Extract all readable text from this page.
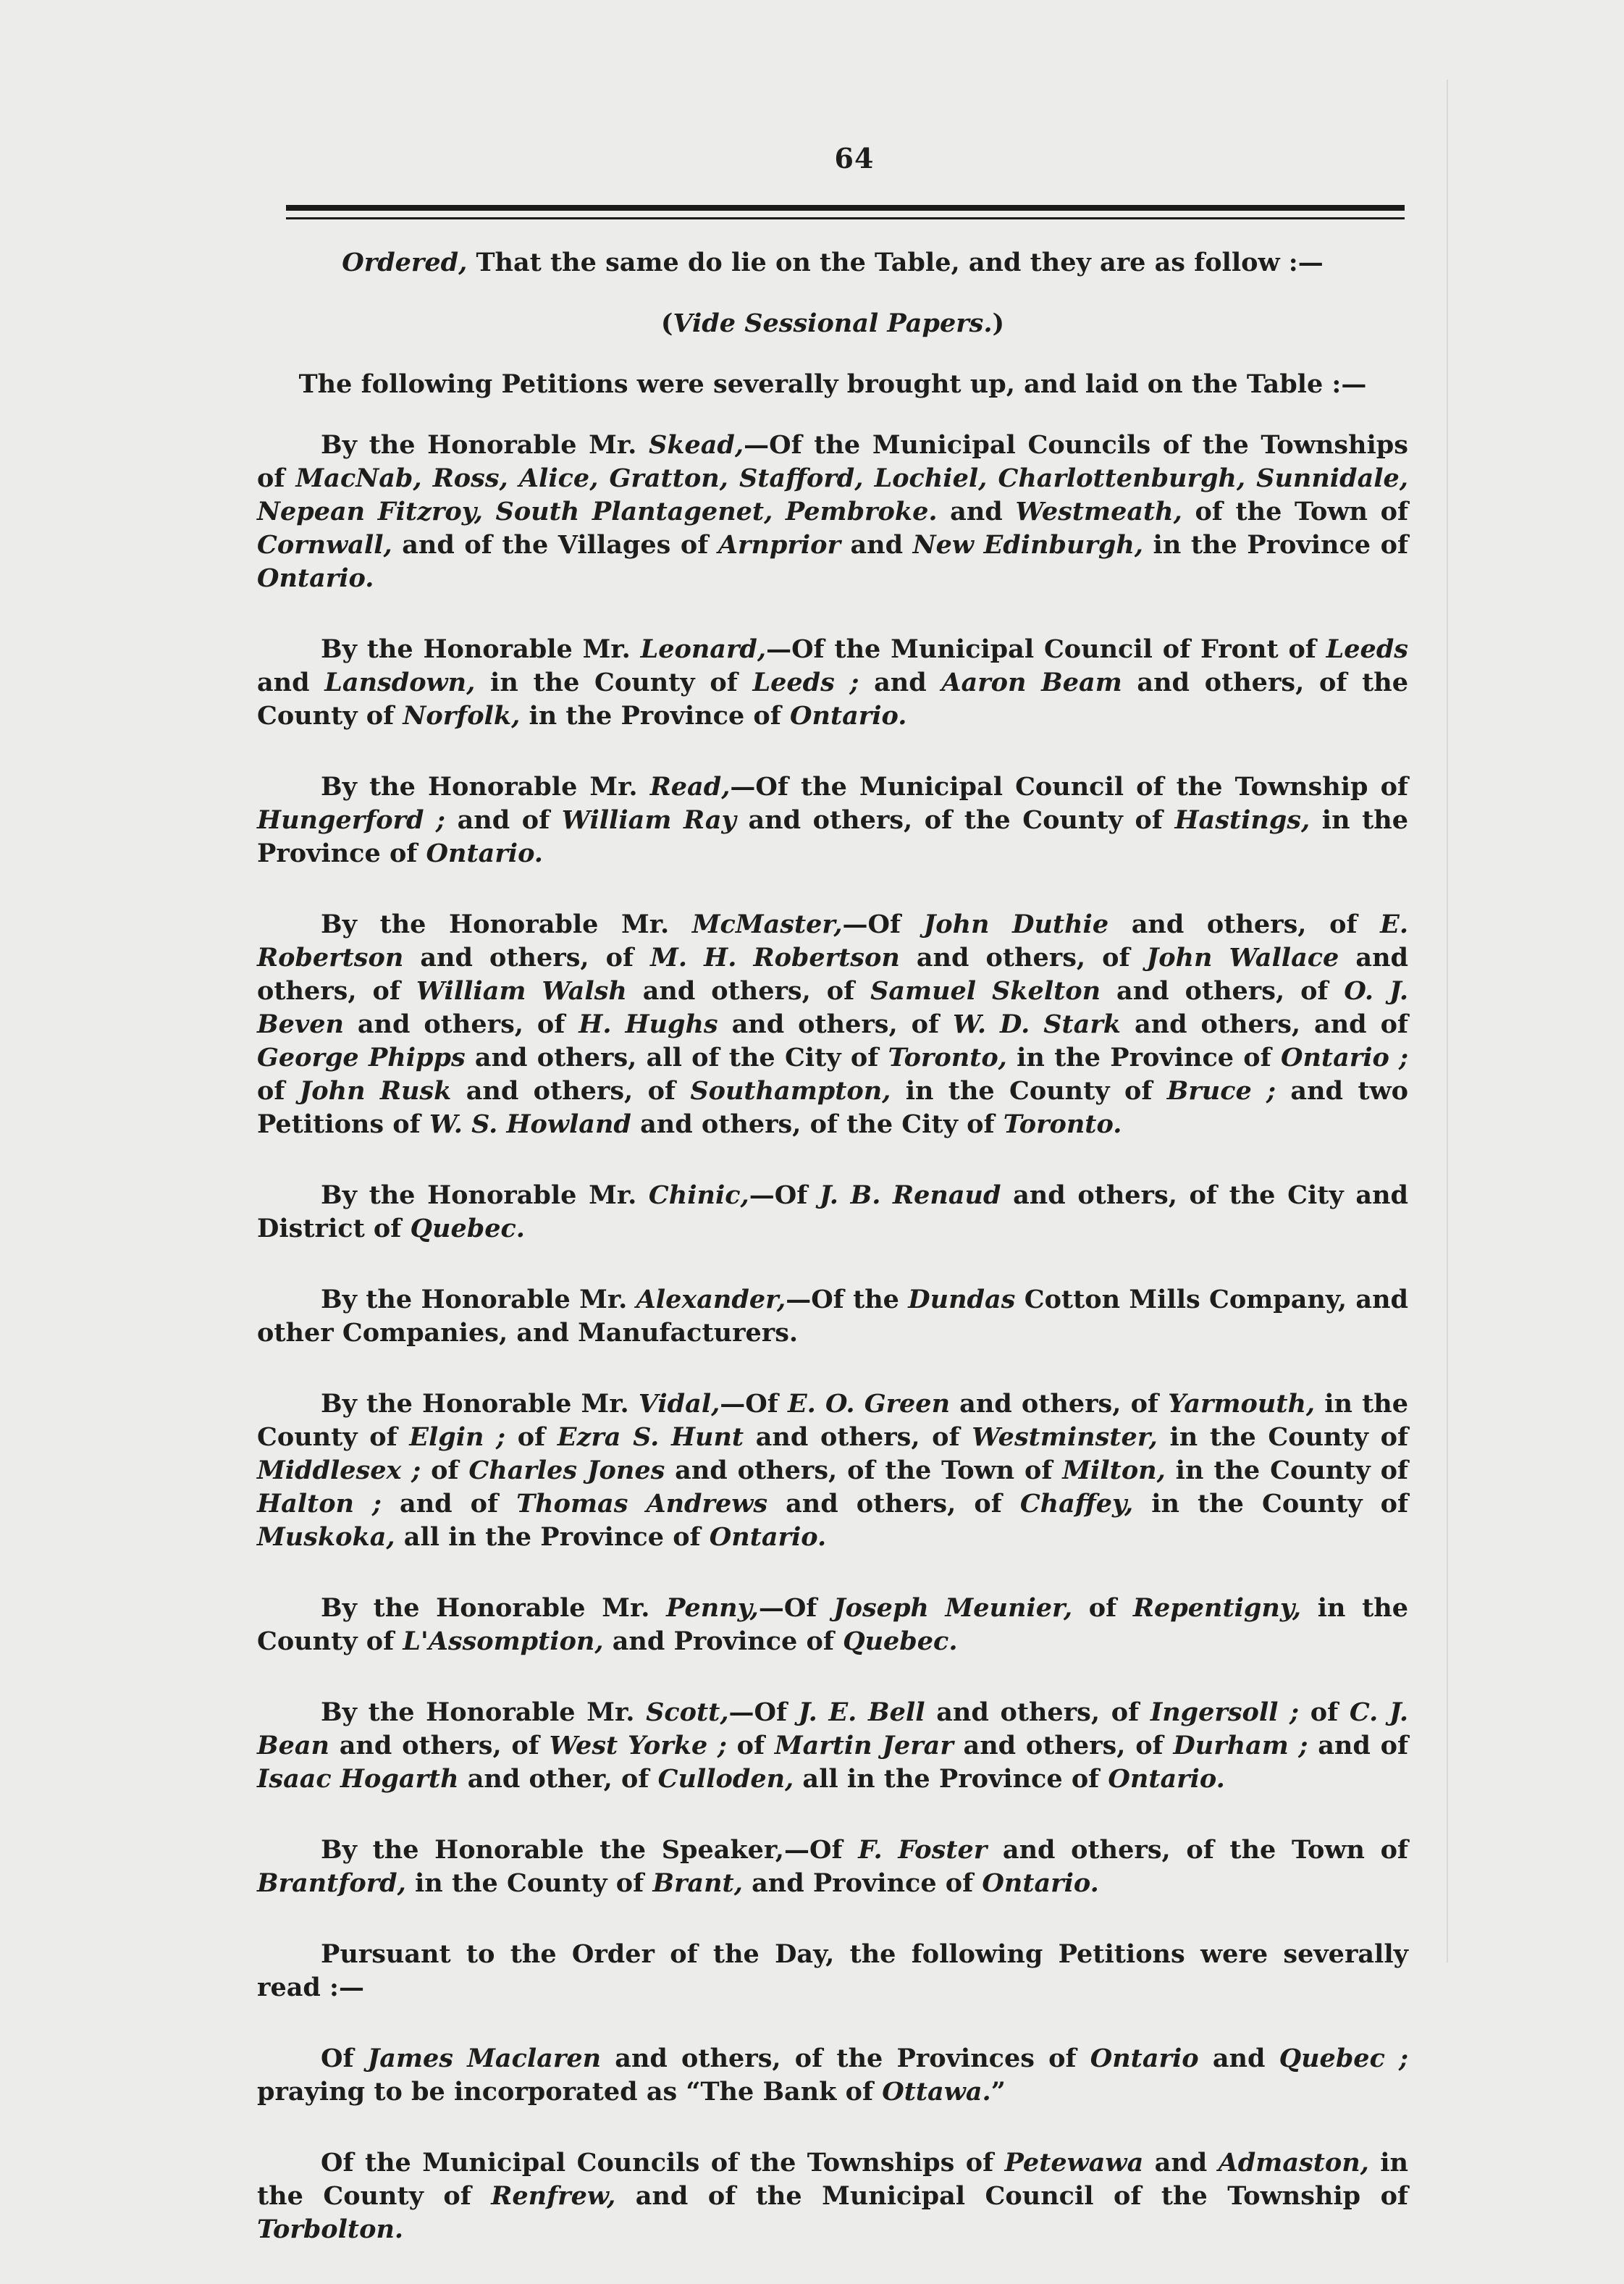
64

Ordered, That the same do lie on the Table, and they are as follow :—

(Vide Sessional Papers.)

The following Petitions were severally brought up, and laid on the Table :—

By the Honorable Mr. Skead,—Of the Municipal Councils of the Townships of MacNab, Ross, Alice, Gratton, Stafford, Lochiel, Charlottenburgh, Sunnidale, Nepean Fitzroy, South Plantagenet, Pembroke. and Westmeath, of the Town of Cornwall, and of the Villages of Arnprior and New Edinburgh, in the Province of Ontario.

By the Honorable Mr. Leonard,—Of the Municipal Council of Front of Leeds and Lansdown, in the County of Leeds ; and Aaron Beam and others, of the County of Norfolk, in the Province of Ontario.

By the Honorable Mr. Read,—Of the Municipal Council of the Township of Hungerford ; and of William Ray and others, of the County of Hastings, in the Province of Ontario.

By the Honorable Mr. McMaster,—Of John Duthie and others, of E. Robertson and others, of M. H. Robertson and others, of John Wallace and others, of William Walsh and others, of Samuel Skelton and others, of O. J. Beven and others, of H. Hughs and others, of W. D. Stark and others, and of George Phipps and others, all of the City of Toronto, in the Province of Ontario ; of John Rusk and others, of Southampton, in the County of Bruce ; and two Petitions of W. S. Howland and others, of the City of Toronto.

By the Honorable Mr. Chinic,—Of J. B. Renaud and others, of the City and District of Quebec.

By the Honorable Mr. Alexander,—Of the Dundas Cotton Mills Company, and other Companies, and Manufacturers.

By the Honorable Mr. Vidal,—Of E. O. Green and others, of Yarmouth, in the County of Elgin ; of Ezra S. Hunt and others, of Westminster, in the County of Middlesex ; of Charles Jones and others, of the Town of Milton, in the County of Halton ; and of Thomas Andrews and others, of Chaffey, in the County of Muskoka, all in the Province of Ontario.

By the Honorable Mr. Penny,—Of Joseph Meunier, of Repentigny, in the County of L'Assomption, and Province of Quebec.

By the Honorable Mr. Scott,—Of J. E. Bell and others, of Ingersoll ; of C. J. Bean and others, of West Yorke ; of Martin Jerar and others, of Durham ; and of Isaac Hogarth and other, of Culloden, all in the Province of Ontario.

By the Honorable the Speaker,—Of F. Foster and others, of the Town of Brantford, in the County of Brant, and Province of Ontario.

Pursuant to the Order of the Day, the following Petitions were severally read :—

Of James Maclaren and others, of the Provinces of Ontario and Quebec ; praying to be incorporated as “The Bank of Ottawa.”

Of the Municipal Councils of the Townships of Petewawa and Admaston, in the County of Renfrew, and of the Municipal Council of the Township of Torbolton.
